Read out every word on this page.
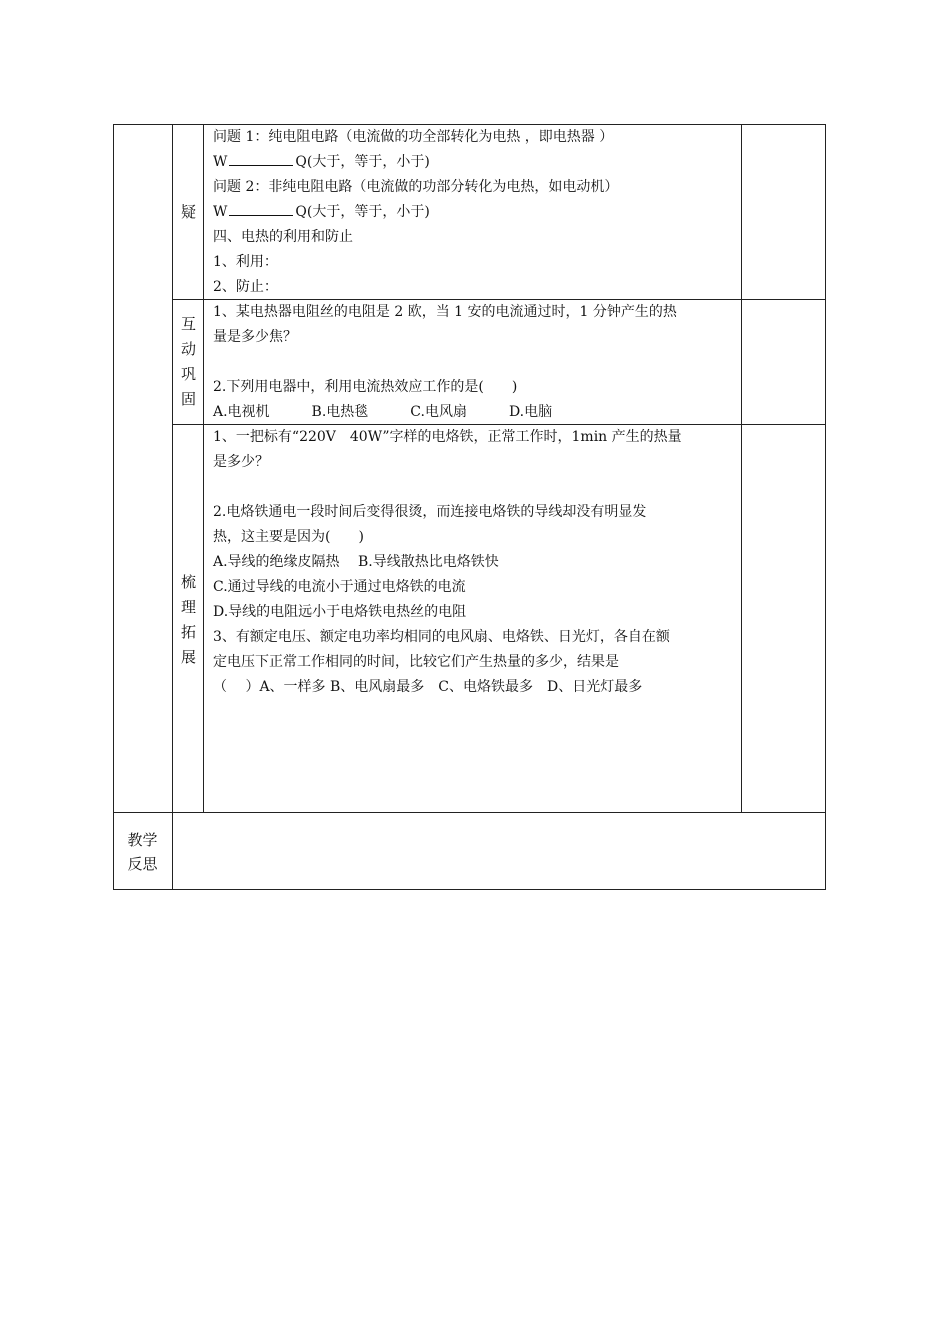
疑
问题 1：纯电阻电路（电流做的功全部转化为电热 ，即电热器 ）
W	Q(大于，等于，小于)
问题 2：非纯电阻电路（电流做的功部分转化为电热，如电动机）
W	Q(大于，等于，小于)
四、电热的利用和防止
1、利用：
2、防止：
互
动
巩
固
1、某电热器电阻丝的电阻是 2 欧，当 1 安的电流通过时，1 分钟产生的热
量是多少焦？

2.下列用电器中，利用电流热效应工作的是(　　)
A.电视机　　　B.电热毯　　　C.电风扇　　　D.电脑
梳
理
拓
展
1、一把标有“220V　40W”字样的电烙铁，正常工作时，1min 产生的热量
是多少？

2.电烙铁通电一段时间后变得很烫，而连接电烙铁的导线却没有明显发
热，这主要是因为(　　)
A.导线的绝缘皮隔热　 B.导线散热比电烙铁快
C.通过导线的电流小于通过电烙铁的电流
D.导线的电阻远小于电烙铁电热丝的电阻
3、有额定电压、额定电功率均相同的电风扇、电烙铁、日光灯，各自在额
定电压下正常工作相同的时间，比较它们产生热量的多少，结果是
（　 ）A、一样多 B、电风扇最多　C、电烙铁最多　D、日光灯最多
教学
反思
